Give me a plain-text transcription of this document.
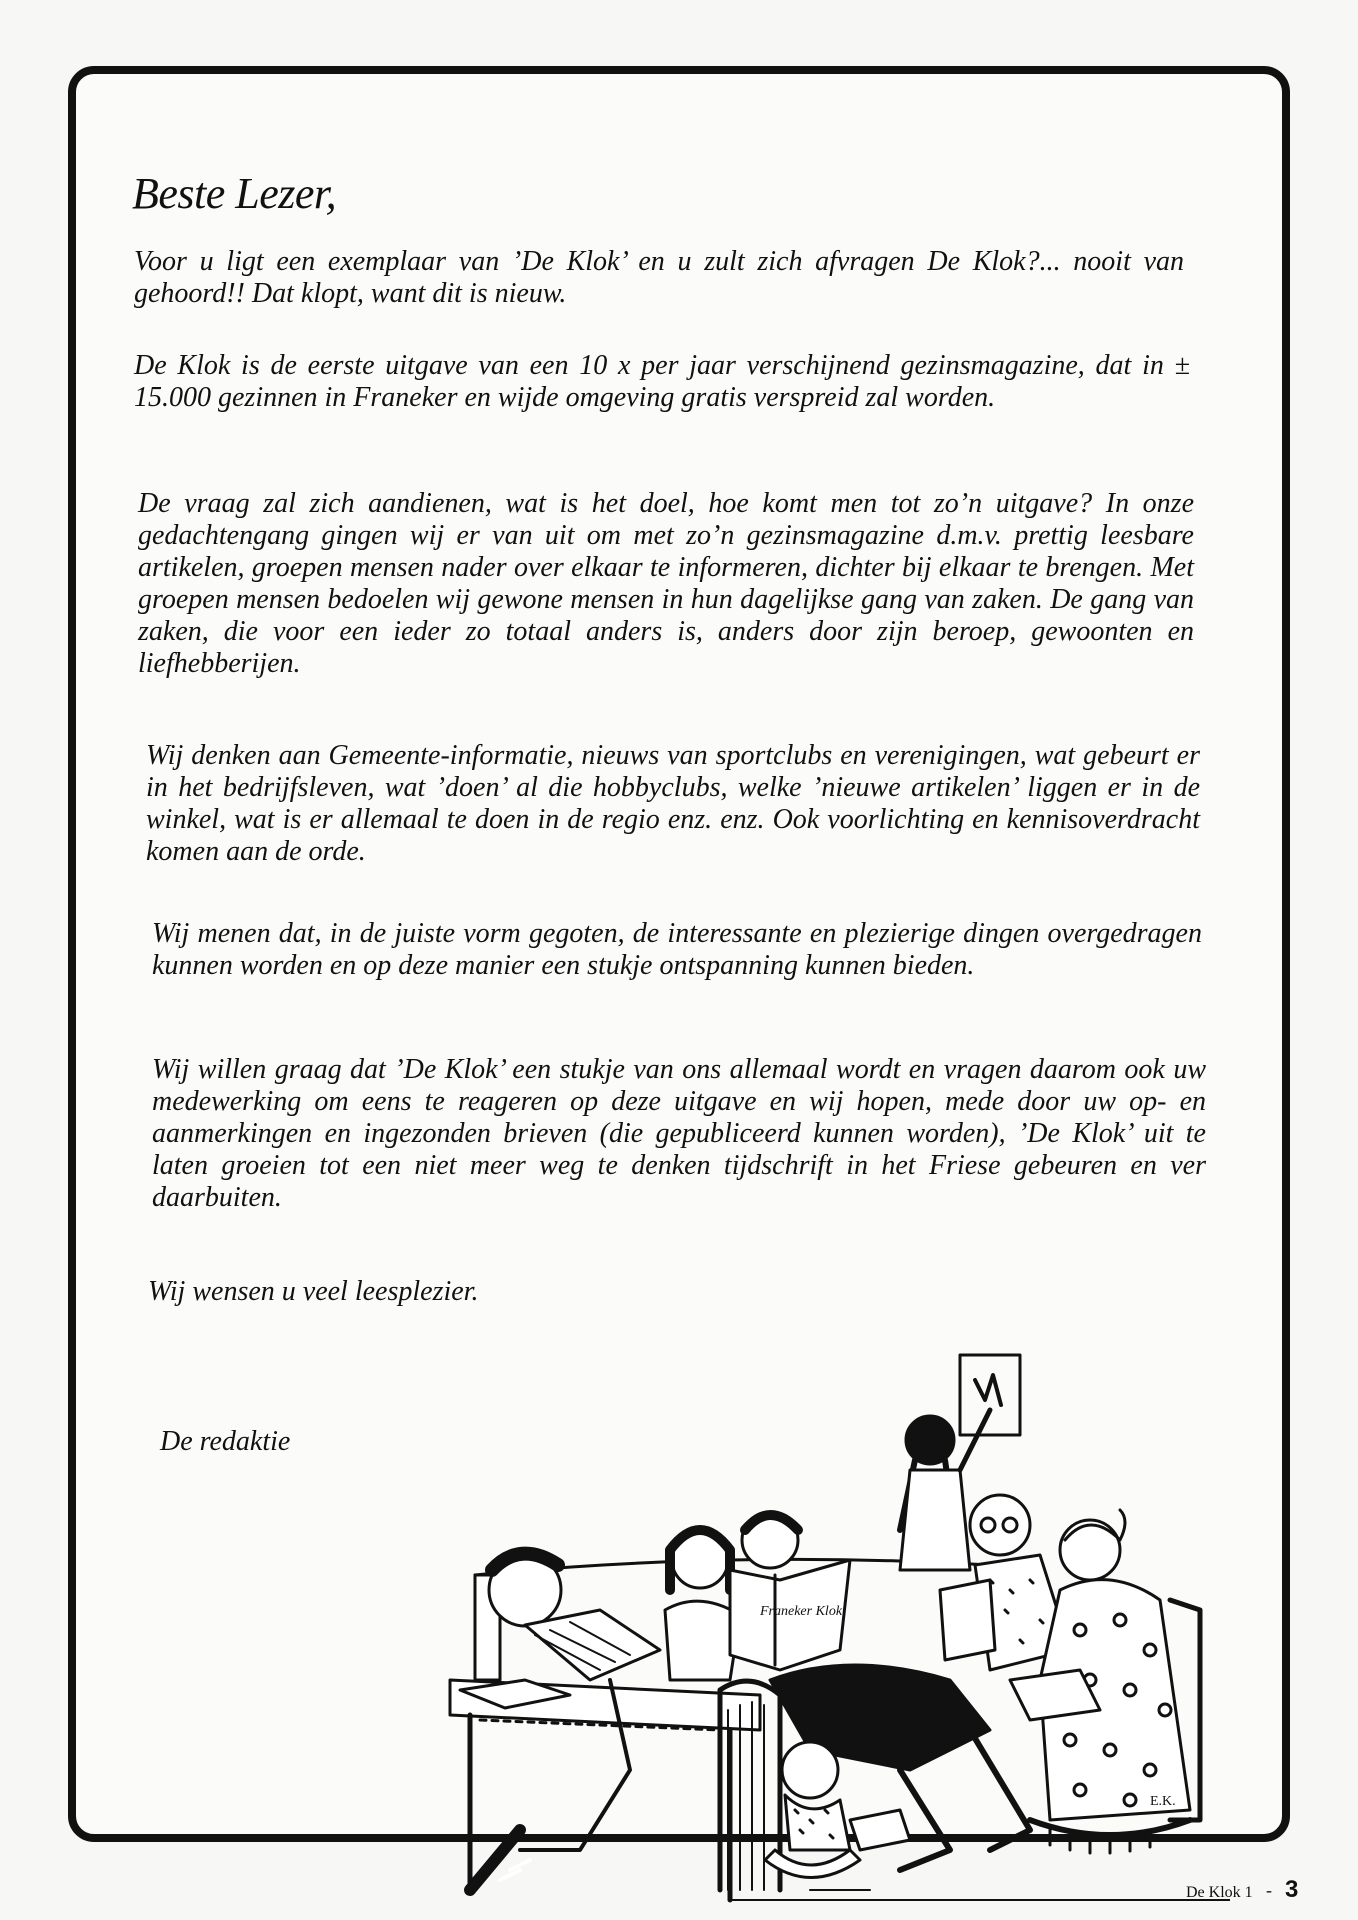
Beste Lezer,

Voor u ligt een exemplaar van ’De Klok’ en u zult zich afvragen De Klok?... nooit van gehoord!! Dat klopt, want dit is nieuw.

De Klok is de eerste uitgave van een 10 x per jaar verschijnend gezinsmagazine, dat in ± 15.000 gezinnen in Franeker en wijde omgeving gratis verspreid zal worden.

De vraag zal zich aandienen, wat is het doel, hoe komt men tot zo’n uitgave? In onze gedachtengang gingen wij er van uit om met zo’n gezinsmagazine d.m.v. prettig leesbare artikelen, groepen mensen nader over elkaar te informeren, dichter bij elkaar te brengen. Met groepen mensen bedoelen wij gewone mensen in hun dagelijkse gang van zaken. De gang van zaken, die voor een ieder zo totaal anders is, anders door zijn beroep, gewoonten en liefhebberijen.

Wij denken aan Gemeente-informatie, nieuws van sportclubs en verenigingen, wat gebeurt er in het bedrijfsleven, wat ’doen’ al die hobbyclubs, welke ’nieuwe artikelen’ liggen er in de winkel, wat is er allemaal te doen in de regio enz. enz. Ook voorlichting en kennisoverdracht komen aan de orde.

Wij menen dat, in de juiste vorm gegoten, de interessante en plezierige dingen overgedragen kunnen worden en op deze manier een stukje ontspanning kunnen bieden.

Wij willen graag dat ’De Klok’ een stukje van ons allemaal wordt en vragen daarom ook uw medewerking om eens te reageren op deze uitgave en wij hopen, mede door uw op- en aanmerkingen en ingezonden brieven (die gepubliceerd kunnen worden), ’De Klok’ uit te laten groeien tot een niet meer weg te denken tijdschrift in het Friese gebeuren en ver daarbuiten.

Wij wensen u veel leesplezier.

De redaktie

Franeker Klok
E.K.
De Klok 1 - 3
